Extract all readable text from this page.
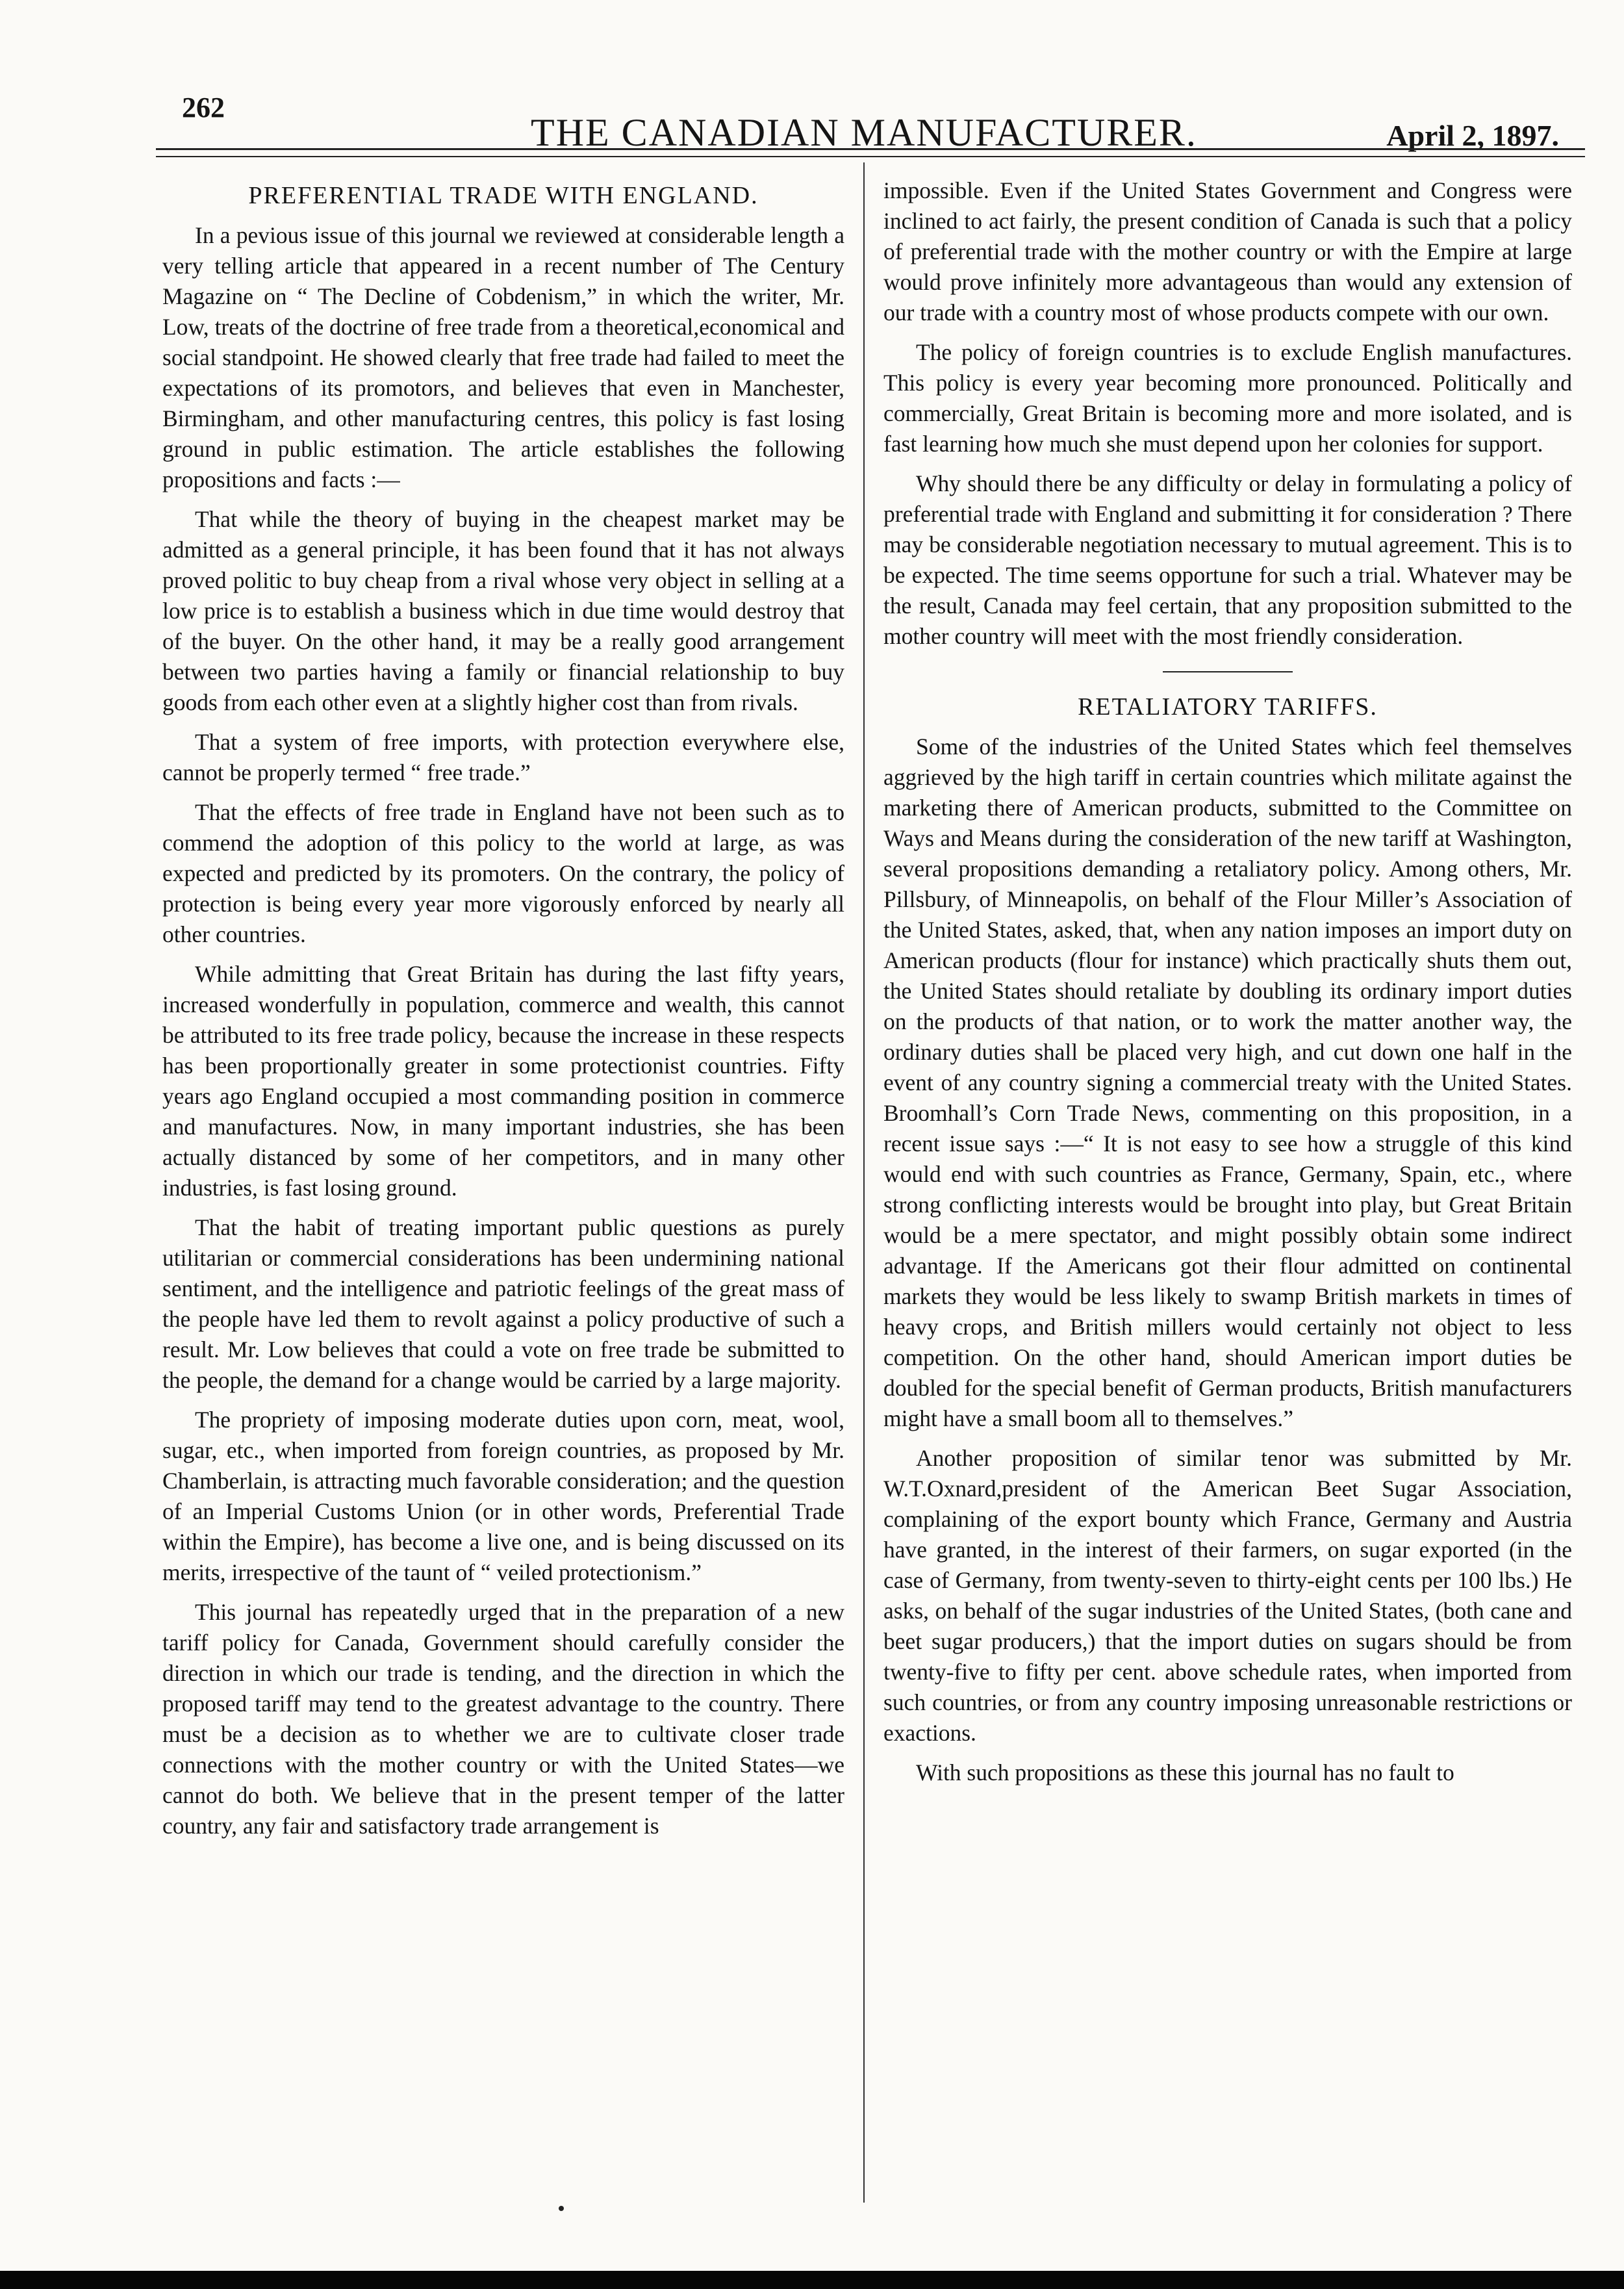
262
THE CANADIAN MANUFACTURER.	April 2, 1897.
PREFERENTIAL TRADE WITH ENGLAND.

In a pevious issue of this journal we reviewed at considerable length a very telling article that appeared in a recent number of The Century Magazine on “ The Decline of Cobdenism,” in which the writer, Mr. Low, treats of the doctrine of free trade from a theoretical,economical and social standpoint. He showed clearly that free trade had failed to meet the expectations of its promotors, and believes that even in Manchester, Birmingham, and other manufacturing centres, this policy is fast losing ground in public estimation. The article establishes the following propositions and facts :—

That while the theory of buying in the cheapest market may be admitted as a general principle, it has been found that it has not always proved politic to buy cheap from a rival whose very object in selling at a low price is to establish a business which in due time would destroy that of the buyer. On the other hand, it may be a really good arrangement between two parties having a family or financial relationship to buy goods from each other even at a slightly higher cost than from rivals.

That a system of free imports, with protection everywhere else, cannot be properly termed “ free trade.”

That the effects of free trade in England have not been such as to commend the adoption of this policy to the world at large, as was expected and predicted by its promoters. On the contrary, the policy of protection is being every year more vigorously enforced by nearly all other countries.

While admitting that Great Britain has during the last fifty years, increased wonderfully in population, commerce and wealth, this cannot be attributed to its free trade policy, because the increase in these respects has been proportionally greater in some protectionist countries. Fifty years ago England occupied a most commanding position in commerce and manufactures. Now, in many important industries, she has been actually distanced by some of her competitors, and in many other industries, is fast losing ground.

That the habit of treating important public questions as purely utilitarian or commercial considerations has been undermining national sentiment, and the intelligence and patriotic feelings of the great mass of the people have led them to revolt against a policy productive of such a result. Mr. Low believes that could a vote on free trade be submitted to the people, the demand for a change would be carried by a large majority.

The propriety of imposing moderate duties upon corn, meat, wool, sugar, etc., when imported from foreign countries, as proposed by Mr. Chamberlain, is attracting much favorable consideration; and the question of an Imperial Customs Union (or in other words, Preferential Trade within the Empire), has become a live one, and is being discussed on its merits, irrespective of the taunt of “ veiled protectionism.”

This journal has repeatedly urged that in the preparation of a new tariff policy for Canada, Government should carefully consider the direction in which our trade is tending, and the direction in which the proposed tariff may tend to the greatest advantage to the country. There must be a decision as to whether we are to cultivate closer trade connections with the mother country or with the United States—we cannot do both. We believe that in the present temper of the latter country, any fair and satisfactory trade arrangement is

impossible. Even if the United States Government and Congress were inclined to act fairly, the present condition of Canada is such that a policy of preferential trade with the mother country or with the Empire at large would prove infinitely more advantageous than would any extension of our trade with a country most of whose products compete with our own.

The policy of foreign countries is to exclude English manufactures. This policy is every year becoming more pronounced. Politically and commercially, Great Britain is becoming more and more isolated, and is fast learning how much she must depend upon her colonies for support.

Why should there be any difficulty or delay in formulating a policy of preferential trade with England and submitting it for consideration ? There may be considerable negotiation necessary to mutual agreement. This is to be expected. The time seems opportune for such a trial. Whatever may be the result, Canada may feel certain, that any proposition submitted to the mother country will meet with the most friendly consideration.

RETALIATORY TARIFFS.

Some of the industries of the United States which feel themselves aggrieved by the high tariff in certain countries which militate against the marketing there of American products, submitted to the Committee on Ways and Means during the consideration of the new tariff at Washington, several propositions demanding a retaliatory policy. Among others, Mr. Pillsbury, of Minneapolis, on behalf of the Flour Miller’s Association of the United States, asked, that, when any nation imposes an import duty on American products (flour for instance) which practically shuts them out, the United States should retaliate by doubling its ordinary import duties on the products of that nation, or to work the matter another way, the ordinary duties shall be placed very high, and cut down one half in the event of any country signing a commercial treaty with the United States. Broomhall’s Corn Trade News, commenting on this proposition, in a recent issue says :—“ It is not easy to see how a struggle of this kind would end with such countries as France, Germany, Spain, etc., where strong conflicting interests would be brought into play, but Great Britain would be a mere spectator, and might possibly obtain some indirect advantage. If the Americans got their flour admitted on continental markets they would be less likely to swamp British markets in times of heavy crops, and British millers would certainly not object to less competition. On the other hand, should American import duties be doubled for the special benefit of German products, British manufacturers might have a small boom all to themselves.”

Another proposition of similar tenor was submitted by Mr. W.T.Oxnard,president of the American Beet Sugar Association, complaining of the export bounty which France, Germany and Austria have granted, in the interest of their farmers, on sugar exported (in the case of Germany, from twenty-seven to thirty-eight cents per 100 lbs.) He asks, on behalf of the sugar industries of the United States, (both cane and beet sugar producers,) that the import duties on sugars should be from twenty-five to fifty per cent. above schedule rates, when imported from such countries, or from any country imposing unreasonable restrictions or exactions.

With such propositions as these this journal has no fault to
